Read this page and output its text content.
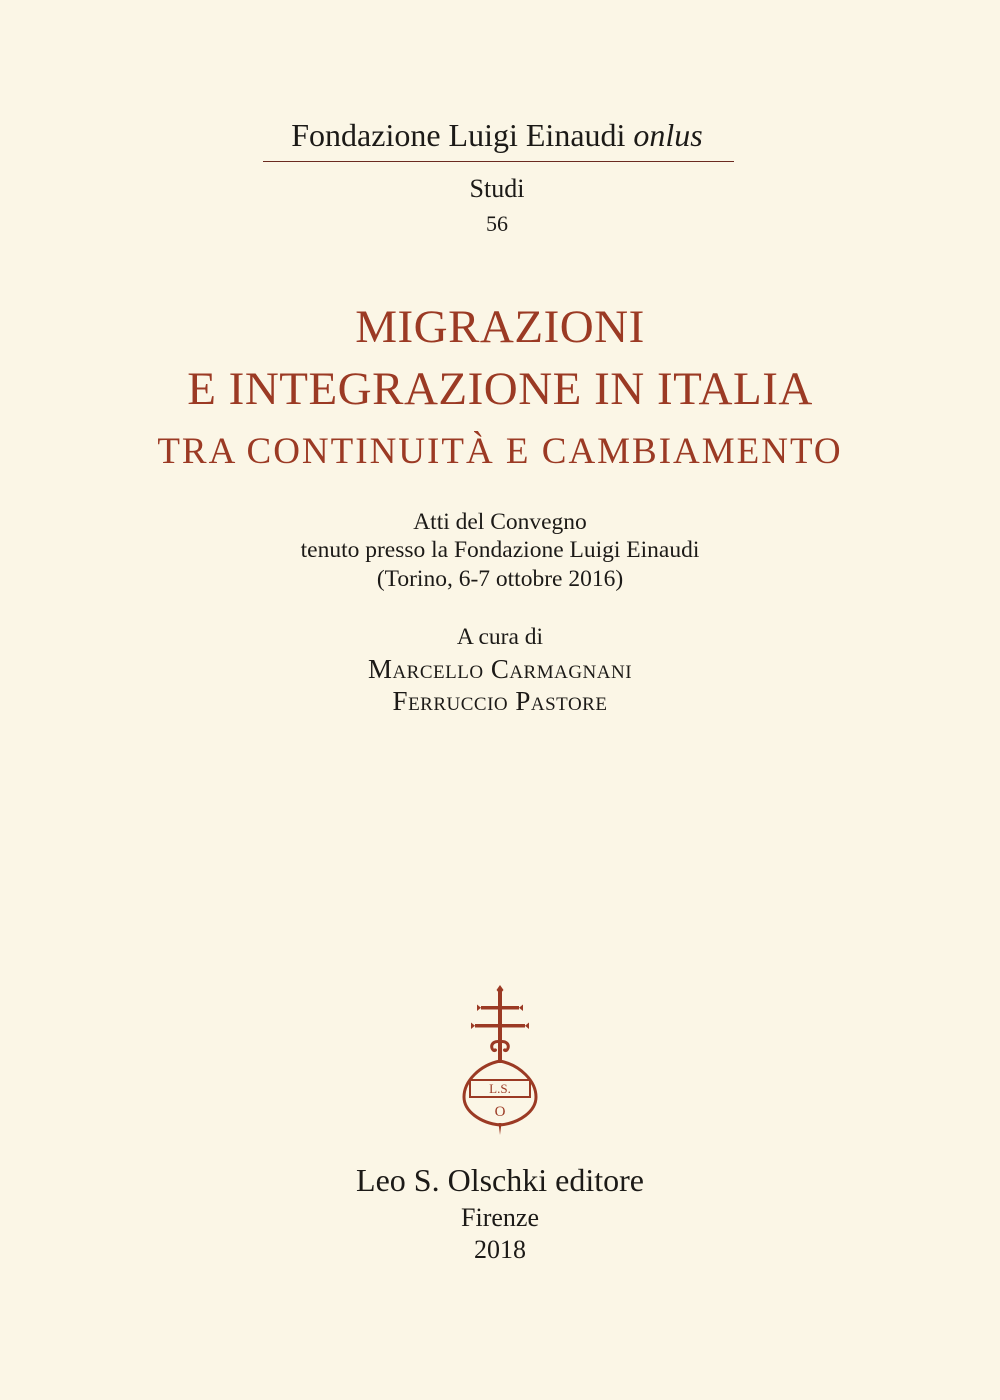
Fondazione Luigi Einaudi onlus
Studi
56
MIGRAZIONI
E INTEGRAZIONE IN ITALIA
TRA CONTINUITÀ E CAMBIAMENTO
Atti del Convegno
tenuto presso la Fondazione Luigi Einaudi
(Torino, 6-7 ottobre 2016)
A cura di
Marcello Carmagnani
Ferruccio Pastore
L.S.
O
Leo S. Olschki editore
Firenze
2018
